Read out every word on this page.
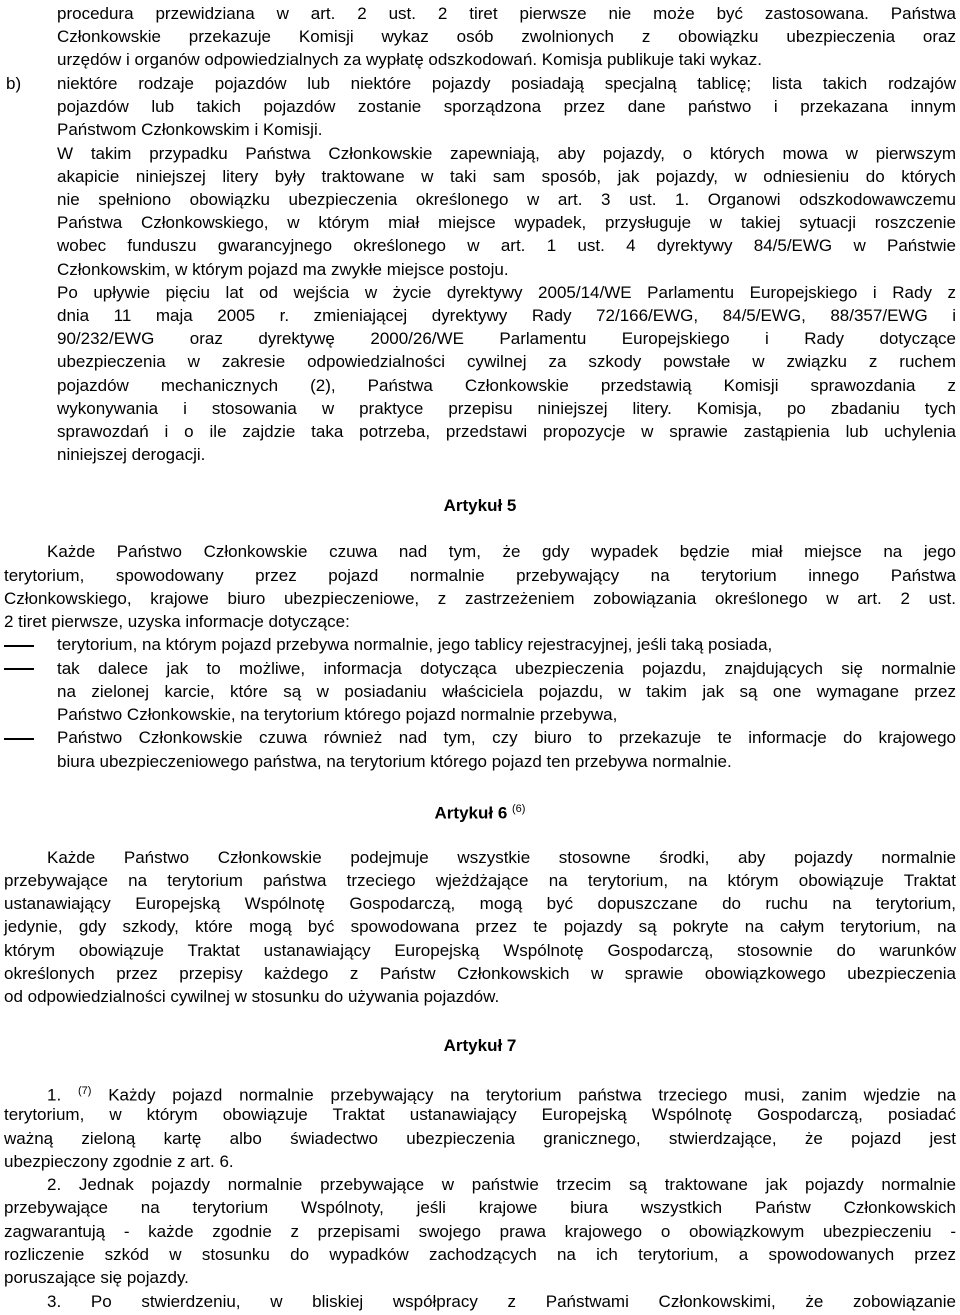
procedura przewidziana w art. 2 ust. 2 tiret pierwsze nie może być zastosowana. Państwa
Członkowskie przekazuje Komisji wykaz osób zwolnionych z obowiązku ubezpieczenia oraz
urzędów i organów odpowiedzialnych za wypłatę odszkodowań. Komisja publikuje taki wykaz.
b) niektóre rodzaje pojazdów lub niektóre pojazdy posiadają specjalną tablicę; lista takich rodzajów
pojazdów lub takich pojazdów zostanie sporządzona przez dane państwo i przekazana innym
Państwom Członkowskim i Komisji.
W takim przypadku Państwa Członkowskie zapewniają, aby pojazdy, o których mowa w pierwszym
akapicie niniejszej litery były traktowane w taki sam sposób, jak pojazdy, w odniesieniu do których
nie spełniono obowiązku ubezpieczenia określonego w art. 3 ust. 1. Organowi odszkodowawczemu
Państwa Członkowskiego, w którym miał miejsce wypadek, przysługuje w takiej sytuacji roszczenie
wobec funduszu gwarancyjnego określonego w art. 1 ust. 4 dyrektywy 84/5/EWG w Państwie
Członkowskim, w którym pojazd ma zwykłe miejsce postoju.
Po upływie pięciu lat od wejścia w życie dyrektywy 2005/14/WE Parlamentu Europejskiego i Rady z
dnia 11 maja 2005 r. zmieniającej dyrektywy Rady 72/166/EWG, 84/5/EWG, 88/357/EWG i
90/232/EWG oraz dyrektywę 2000/26/WE Parlamentu Europejskiego i Rady dotyczące
ubezpieczenia w zakresie odpowiedzialności cywilnej za szkody powstałe w związku z ruchem
pojazdów mechanicznych (2), Państwa Członkowskie przedstawią Komisji sprawozdania z
wykonywania i stosowania w praktyce przepisu niniejszej litery. Komisja, po zbadaniu tych
sprawozdań i o ile zajdzie taka potrzeba, przedstawi propozycje w sprawie zastąpienia lub uchylenia
niniejszej derogacji.
Artykuł 5
Każde Państwo Członkowskie czuwa nad tym, że gdy wypadek będzie miał miejsce na jego
terytorium, spowodowany przez pojazd normalnie przebywający na terytorium innego Państwa
Członkowskiego, krajowe biuro ubezpieczeniowe, z zastrzeżeniem zobowiązania określonego w art. 2 ust.
2 tiret pierwsze, uzyska informacje dotyczące:
terytorium, na którym pojazd przebywa normalnie, jego tablicy rejestracyjnej, jeśli taką posiada,
tak dalece jak to możliwe, informacja dotycząca ubezpieczenia pojazdu, znajdujących się normalnie
na zielonej karcie, które są w posiadaniu właściciela pojazdu, w takim jak są one wymagane przez
Państwo Członkowskie, na terytorium którego pojazd normalnie przebywa,
Państwo Członkowskie czuwa również nad tym, czy biuro to przekazuje te informacje do krajowego
biura ubezpieczeniowego państwa, na terytorium którego pojazd ten przebywa normalnie.
Artykuł 6 $^{(6)}$
Każde Państwo Członkowskie podejmuje wszystkie stosowne środki, aby pojazdy normalnie
przebywające na terytorium państwa trzeciego wjeżdżające na terytorium, na którym obowiązuje Traktat
ustanawiający Europejską Wspólnotę Gospodarczą, mogą być dopuszczane do ruchu na terytorium,
jedynie, gdy szkody, które mogą być spowodowana przez te pojazdy są pokryte na całym terytorium, na
którym obowiązuje Traktat ustanawiający Europejską Wspólnotę Gospodarczą, stosownie do warunków
określonych przez przepisy każdego z Państw Członkowskich w sprawie obowiązkowego ubezpieczenia
od odpowiedzialności cywilnej w stosunku do używania pojazdów.
Artykuł 7
1. $^{(7)}$ Każdy pojazd normalnie przebywający na terytorium państwa trzeciego musi, zanim wjedzie na
terytorium, w którym obowiązuje Traktat ustanawiający Europejską Wspólnotę Gospodarczą, posiadać
ważną zieloną kartę albo świadectwo ubezpieczenia granicznego, stwierdzające, że pojazd jest
ubezpieczony zgodnie z art. 6.
2. Jednak pojazdy normalnie przebywające w państwie trzecim są traktowane jak pojazdy normalnie
przebywające na terytorium Wspólnoty, jeśli krajowe biura wszystkich Państw Członkowskich
zagwarantują - każde zgodnie z przepisami swojego prawa krajowego o obowiązkowym ubezpieczeniu -
rozliczenie szkód w stosunku do wypadków zachodzących na ich terytorium, a spowodowanych przez
poruszające się pojazdy.
3. Po stwierdzeniu, w bliskiej współpracy z Państwami Członkowskimi, że zobowiązanie
